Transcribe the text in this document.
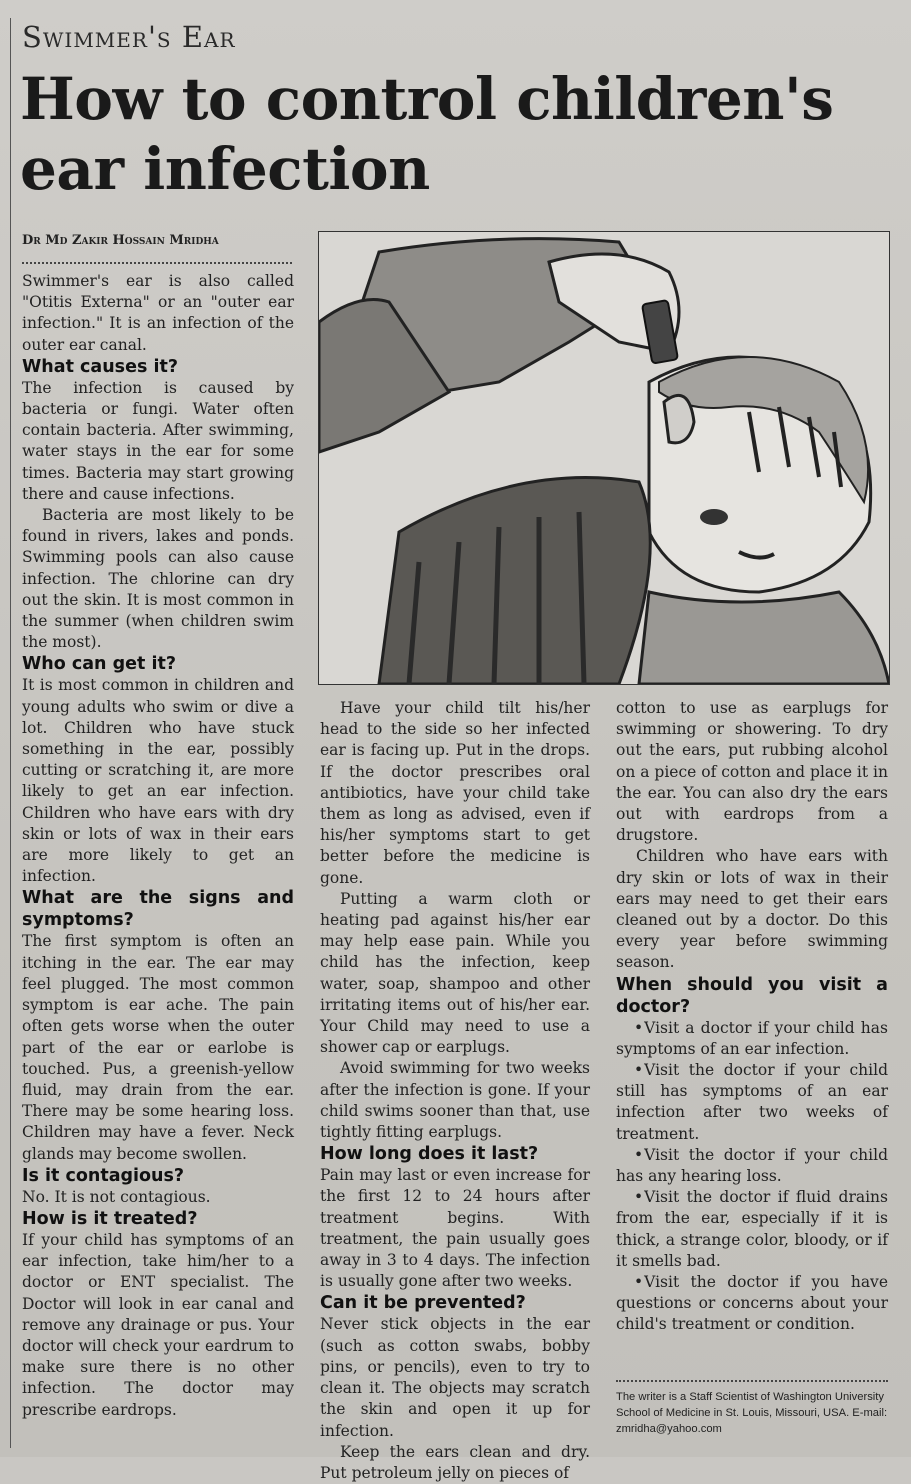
Swimmer's Ear
How to control children's ear infection
Dr Md Zakir Hossain Mridha

Swimmer's ear is also called "Otitis Externa" or an "outer ear infection." It is an infection of the outer ear canal.

What causes it?

The infection is caused by bacteria or fungi. Water often contain bacteria. After swimming, water stays in the ear for some times. Bacteria may start growing there and cause infections.

Bacteria are most likely to be found in rivers, lakes and ponds. Swimming pools can also cause infection. The chlorine can dry out the skin. It is most common in the summer (when children swim the most).

Who can get it?

It is most common in children and young adults who swim or dive a lot. Children who have stuck something in the ear, possibly cutting or scratching it, are more likely to get an ear infection. Children who have ears with dry skin or lots of wax in their ears are more likely to get an infection.

What are the signs and symptoms?

The first symptom is often an itching in the ear. The ear may feel plugged. The most common symptom is ear ache. The pain often gets worse when the outer part of the ear or earlobe is touched. Pus, a greenish-yellow fluid, may drain from the ear. There may be some hearing loss. Children may have a fever. Neck glands may become swollen.

Is it contagious?

No. It is not contagious.

How is it treated?

If your child has symptoms of an ear infection, take him/her to a doctor or ENT specialist. The Doctor will look in ear canal and remove any drainage or pus. Your doctor will check your eardrum to make sure there is no other infection. The doctor may prescribe eardrops.

Have your child tilt his/her head to the side so her infected ear is facing up. Put in the drops. If the doctor prescribes oral antibiotics, have your child take them as long as advised, even if his/her symptoms start to get better before the medicine is gone.

Putting a warm cloth or heating pad against his/her ear may help ease pain. While you child has the infection, keep water, soap, shampoo and other irritating items out of his/her ear. Your Child may need to use a shower cap or earplugs.

Avoid swimming for two weeks after the infection is gone. If your child swims sooner than that, use tightly fitting earplugs.

How long does it last?

Pain may last or even increase for the first 12 to 24 hours after treatment begins. With treatment, the pain usually goes away in 3 to 4 days. The infection is usually gone after two weeks.

Can it be prevented?

Never stick objects in the ear (such as cotton swabs, bobby pins, or pencils), even to try to clean it. The objects may scratch the skin and open it up for infection.

Keep the ears clean and dry. Put petroleum jelly on pieces of

cotton to use as earplugs for swimming or showering. To dry out the ears, put rubbing alcohol on a piece of cotton and place it in the ear. You can also dry the ears out with eardrops from a drugstore.

Children who have ears with dry skin or lots of wax in their ears may need to get their ears cleaned out by a doctor. Do this every year before swimming season.

When should you visit a doctor?

• Visit a doctor if your child has symptoms of an ear infection.

• Visit the doctor if your child still has symptoms of an ear infection after two weeks of treatment.

• Visit the doctor if your child has any hearing loss.

• Visit the doctor if fluid drains from the ear, especially if it is thick, a strange color, bloody, or if it smells bad.

• Visit the doctor if you have questions or concerns about your child's treatment or condition.

The writer is a Staff Scientist of Washington University School of Medicine in St. Louis, Missouri, USA. E-mail: zmridha@yahoo.com
